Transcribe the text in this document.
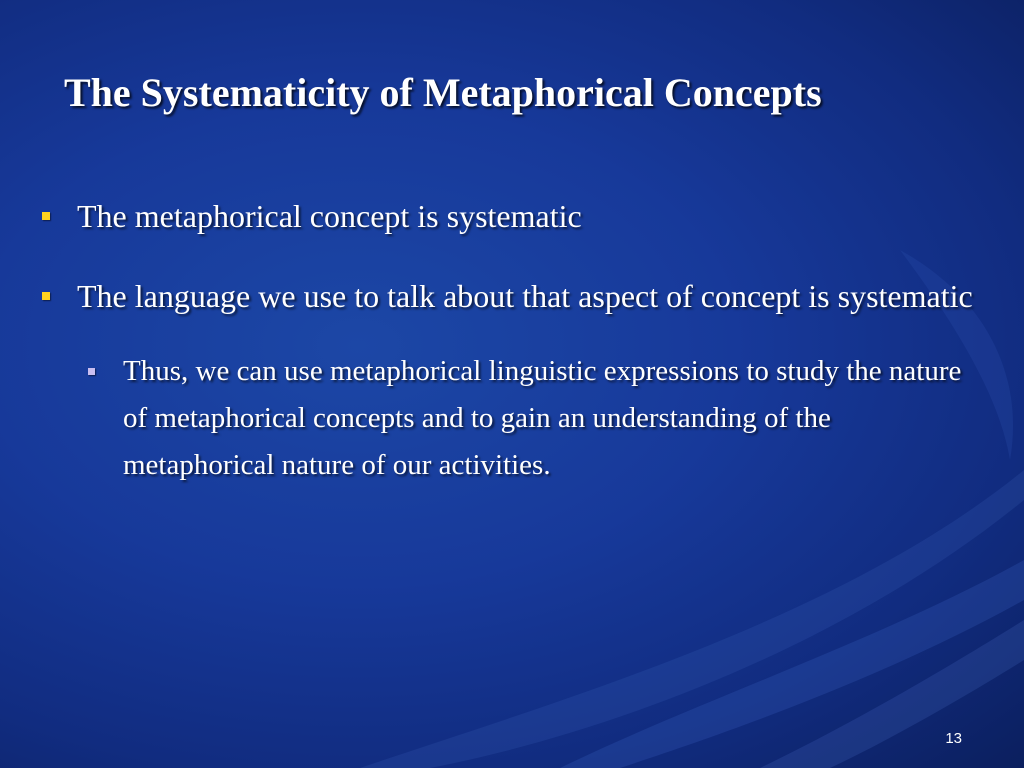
The Systematicity of Metaphorical Concepts
The metaphorical concept is systematic
The language we use to talk about that aspect of concept is systematic
Thus, we can use metaphorical linguistic expressions to study the nature of metaphorical concepts and to gain an understanding of the metaphorical nature of our activities.
13
